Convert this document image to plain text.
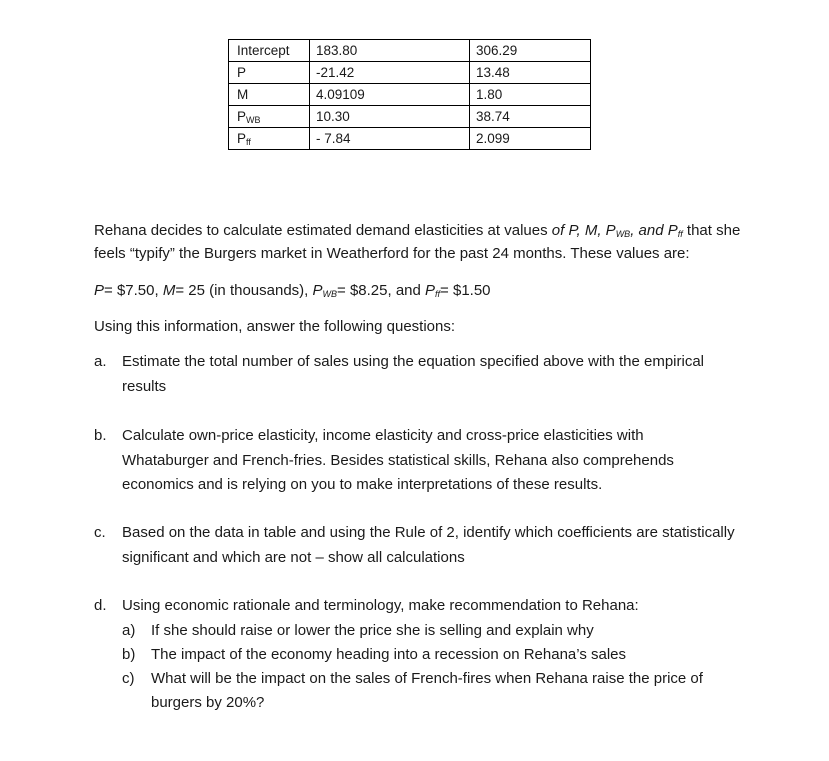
Intercept	183.80	306.29
P	-21.42	13.48
M	4.09109	1.80
$P_{WB}$	10.30	38.74
$P_{ff}$	- 7.84	2.099
Rehana decides to calculate estimated demand elasticities at values of P, M, $P_{WB}$, and $P_{ff}$ that she
feels “typify” the Burgers market in Weatherford for the past 24 months. These values are:
P= $7.50, M= 25 (in thousands), $P_{WB}=$ $8.25, and $P_{ff}=$ $1.50
Using this information, answer the following questions:
a.	Estimate the total number of sales using the equation specified above with the empirical
results
b.	Calculate own-price elasticity, income elasticity and cross-price elasticities with
Whataburger and French-fries. Besides statistical skills, Rehana also comprehends
economics and is relying on you to make interpretations of these results.
c.	Based on the data in table and using the Rule of 2, identify which coefficients are statistically
significant and which are not – show all calculations
d.	Using economic rationale and terminology, make recommendation to Rehana:
a) If she should raise or lower the price she is selling and explain why
b) The impact of the economy heading into a recession on Rehana’s sales
c) What will be the impact on the sales of French-fires when Rehana raise the price of
burgers by 20%?
